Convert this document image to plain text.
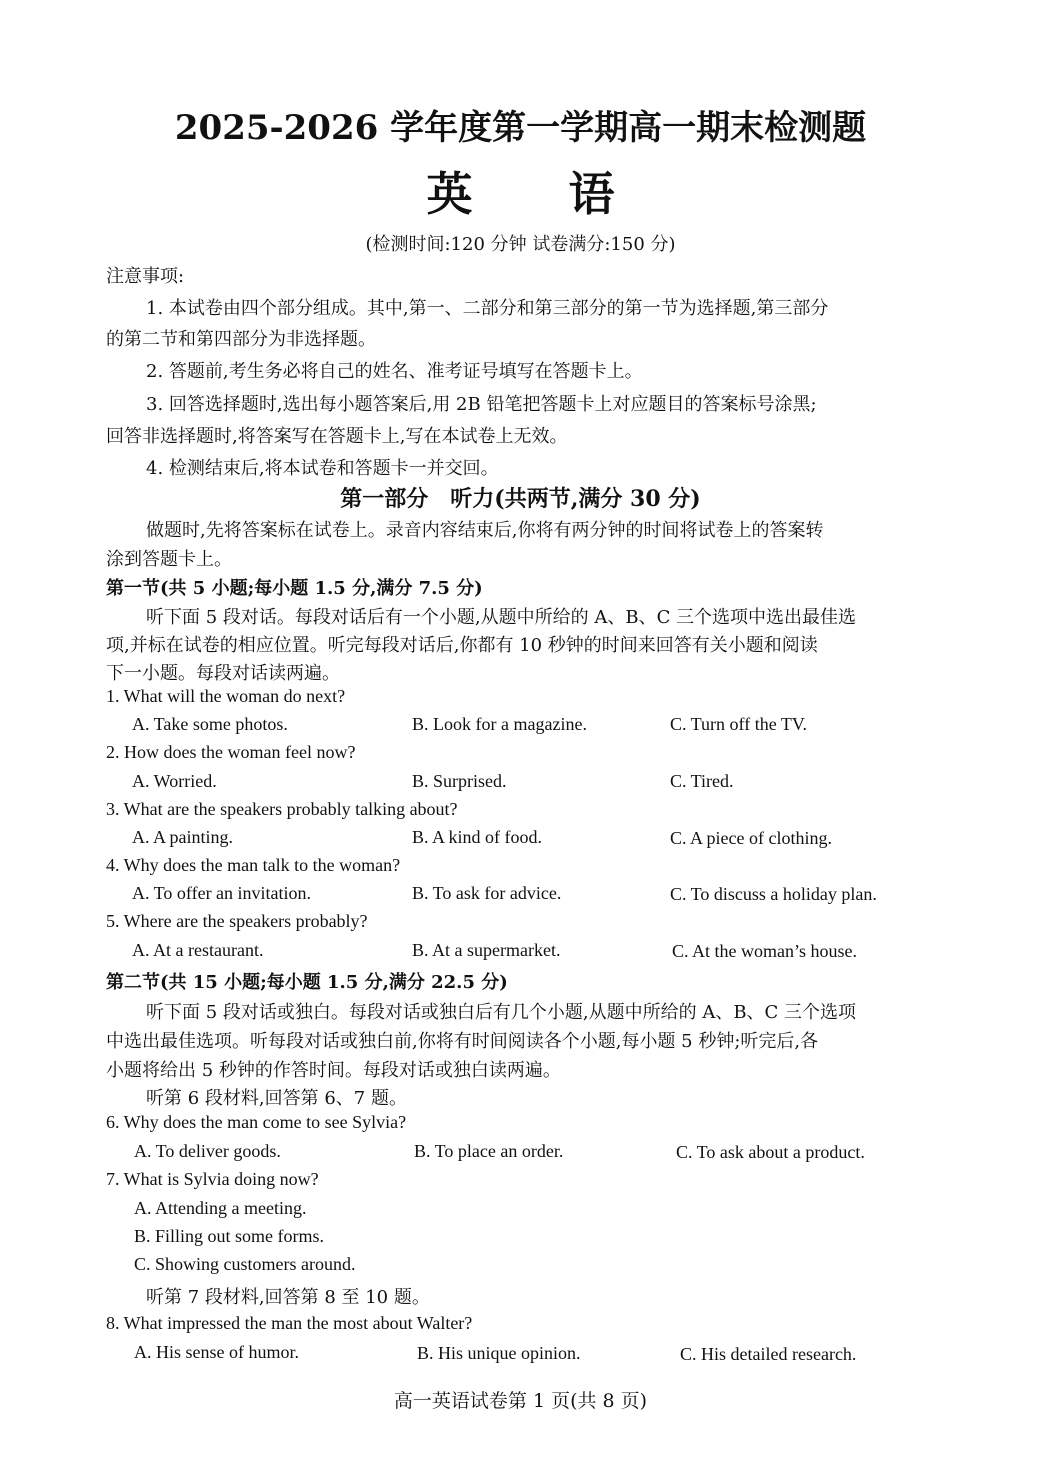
2025-2026 学年度第一学期高一期末检测题
英 语
(检测时间:120 分钟 试卷满分:150 分)
注意事项:
1. 本试卷由四个部分组成。其中,第一、二部分和第三部分的第一节为选择题,第三部分
的第二节和第四部分为非选择题。
2. 答题前,考生务必将自己的姓名、准考证号填写在答题卡上。
3. 回答选择题时,选出每小题答案后,用 2B 铅笔把答题卡上对应题目的答案标号涂黑;
回答非选择题时,将答案写在答题卡上,写在本试卷上无效。
4. 检测结束后,将本试卷和答题卡一并交回。
第一部分　听力(共两节,满分 30 分)
做题时,先将答案标在试卷上。录音内容结束后,你将有两分钟的时间将试卷上的答案转
涂到答题卡上。
第一节(共 5 小题;每小题 1.5 分,满分 7.5 分)
听下面 5 段对话。每段对话后有一个小题,从题中所给的 A、B、C 三个选项中选出最佳选
项,并标在试卷的相应位置。听完每段对话后,你都有 10 秒钟的时间来回答有关小题和阅读
下一小题。每段对话读两遍。
1. What will the woman do next?
A. Take some photos.	B. Look for a magazine.	C. Turn off the TV.
2. How does the woman feel now?
A. Worried.	B. Surprised.	C. Tired.
3. What are the speakers probably talking about?
A. A painting.	B. A kind of food.	C. A piece of clothing.
4. Why does the man talk to the woman?
A. To offer an invitation.	B. To ask for advice.	C. To discuss a holiday plan.
5. Where are the speakers probably?
A. At a restaurant.	B. At a supermarket.	C. At the woman’s house.
第二节(共 15 小题;每小题 1.5 分,满分 22.5 分)
听下面 5 段对话或独白。每段对话或独白后有几个小题,从题中所给的 A、B、C 三个选项
中选出最佳选项。听每段对话或独白前,你将有时间阅读各个小题,每小题 5 秒钟;听完后,各
小题将给出 5 秒钟的作答时间。每段对话或独白读两遍。
听第 6 段材料,回答第 6、7 题。
6. Why does the man come to see Sylvia?
A. To deliver goods.	B. To place an order.	C. To ask about a product.
7. What is Sylvia doing now?
A. Attending a meeting.
B. Filling out some forms.
C. Showing customers around.
听第 7 段材料,回答第 8 至 10 题。
8. What impressed the man the most about Walter?
A. His sense of humor.	B. His unique opinion.	C. His detailed research.
高一英语试卷第 1 页(共 8 页)
